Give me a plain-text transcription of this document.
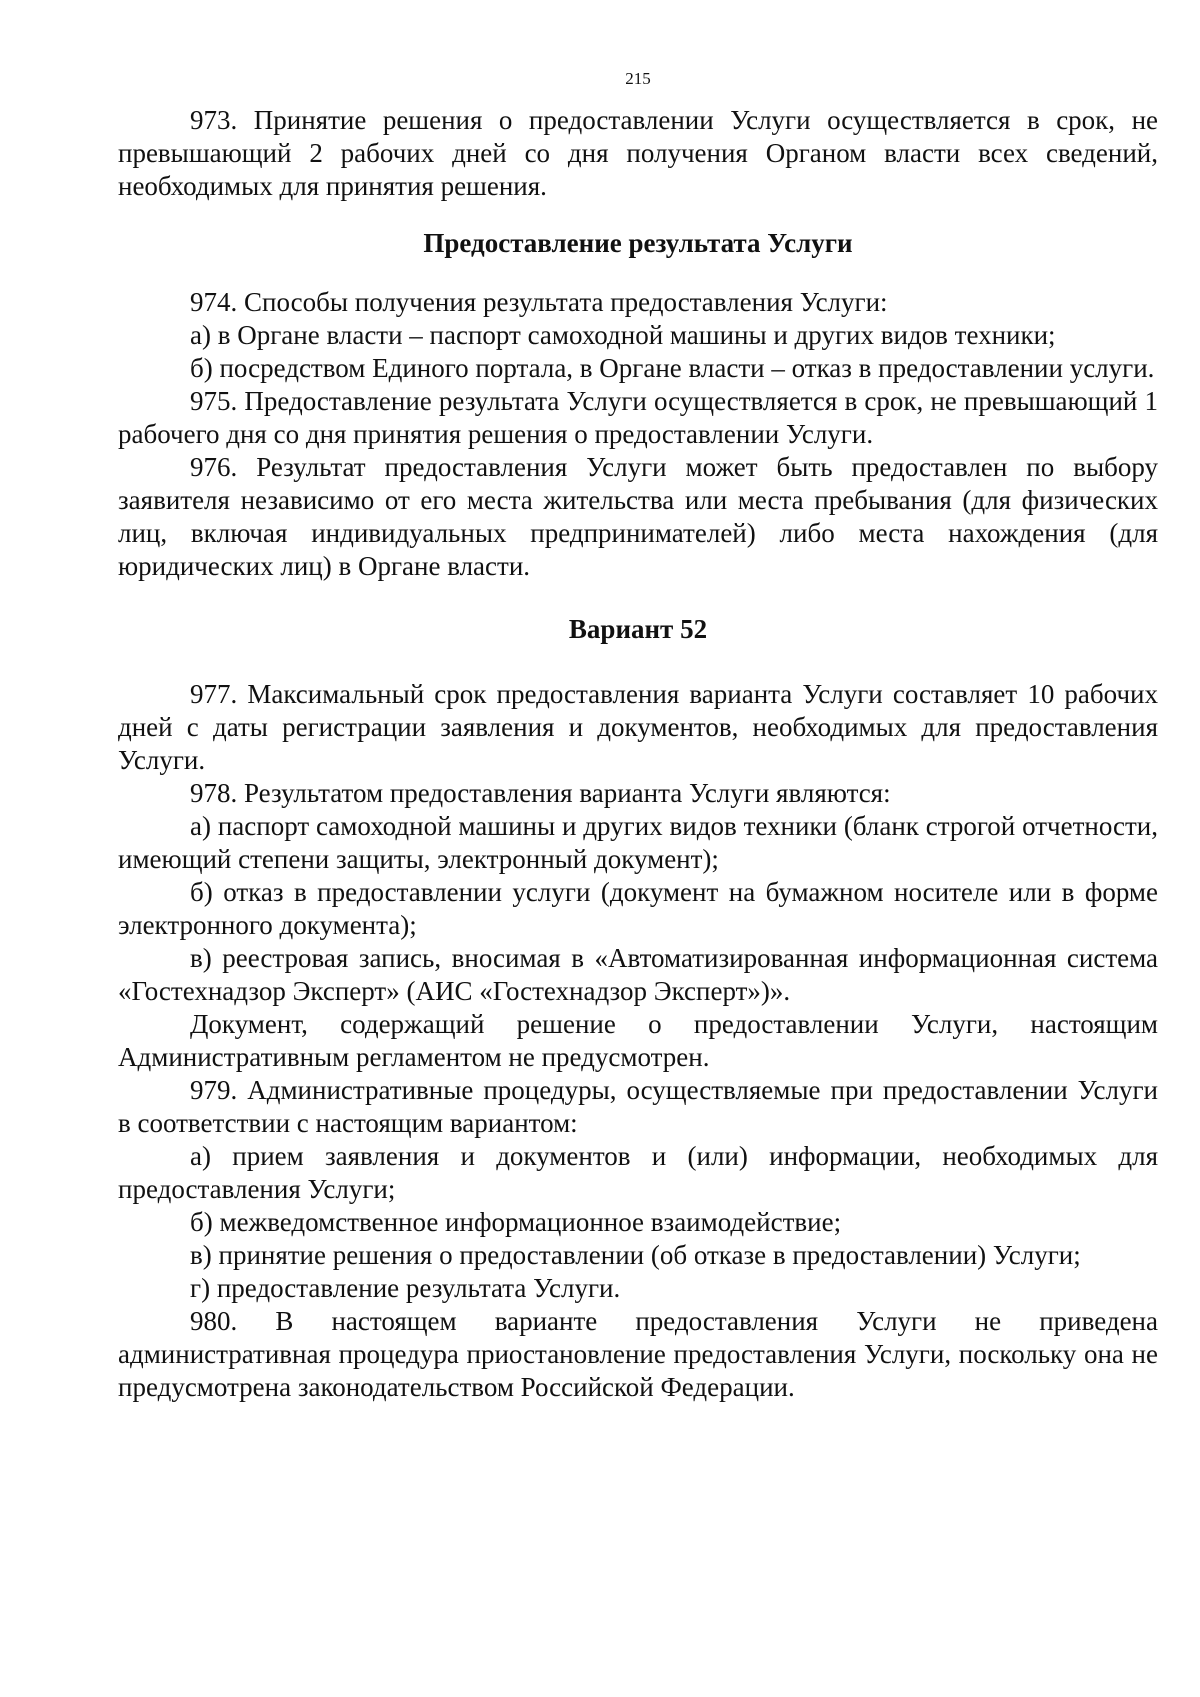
215

973. Принятие решения о предоставлении Услуги осуществляется в срок, не превышающий 2 рабочих дней со дня получения Органом власти всех сведений, необходимых для принятия решения.

Предоставление результата Услуги

974. Способы получения результата предоставления Услуги:

а) в Органе власти – паспорт самоходной машины и других видов техники;

б) посредством Единого портала, в Органе власти – отказ в предоставлении услуги.

975. Предоставление результата Услуги осуществляется в срок, не превышающий 1 рабочего дня со дня принятия решения о предоставлении Услуги.

976. Результат предоставления Услуги может быть предоставлен по выбору заявителя независимо от его места жительства или места пребывания (для физических лиц, включая индивидуальных предпринимателей) либо места нахождения (для юридических лиц) в Органе власти.

Вариант 52

977. Максимальный срок предоставления варианта Услуги составляет 10 рабочих дней с даты регистрации заявления и документов, необходимых для предоставления Услуги.

978. Результатом предоставления варианта Услуги являются:

а) паспорт самоходной машины и других видов техники (бланк строгой отчетности, имеющий степени защиты, электронный документ);

б) отказ в предоставлении услуги (документ на бумажном носителе или в форме электронного документа);

в) реестровая запись, вносимая в «Автоматизированная информационная система «Гостехнадзор Эксперт» (АИС «Гостехнадзор Эксперт»)».

Документ, содержащий решение о предоставлении Услуги, настоящим Административным регламентом не предусмотрен.

979. Административные процедуры, осуществляемые при предоставлении Услуги в соответствии с настоящим вариантом:

а) прием заявления и документов и (или) информации, необходимых для предоставления Услуги;

б) межведомственное информационное взаимодействие;

в) принятие решения о предоставлении (об отказе в предоставлении) Услуги;

г) предоставление результата Услуги.

980. В настоящем варианте предоставления Услуги не приведена административная процедура приостановление предоставления Услуги, поскольку она не предусмотрена законодательством Российской Федерации.
